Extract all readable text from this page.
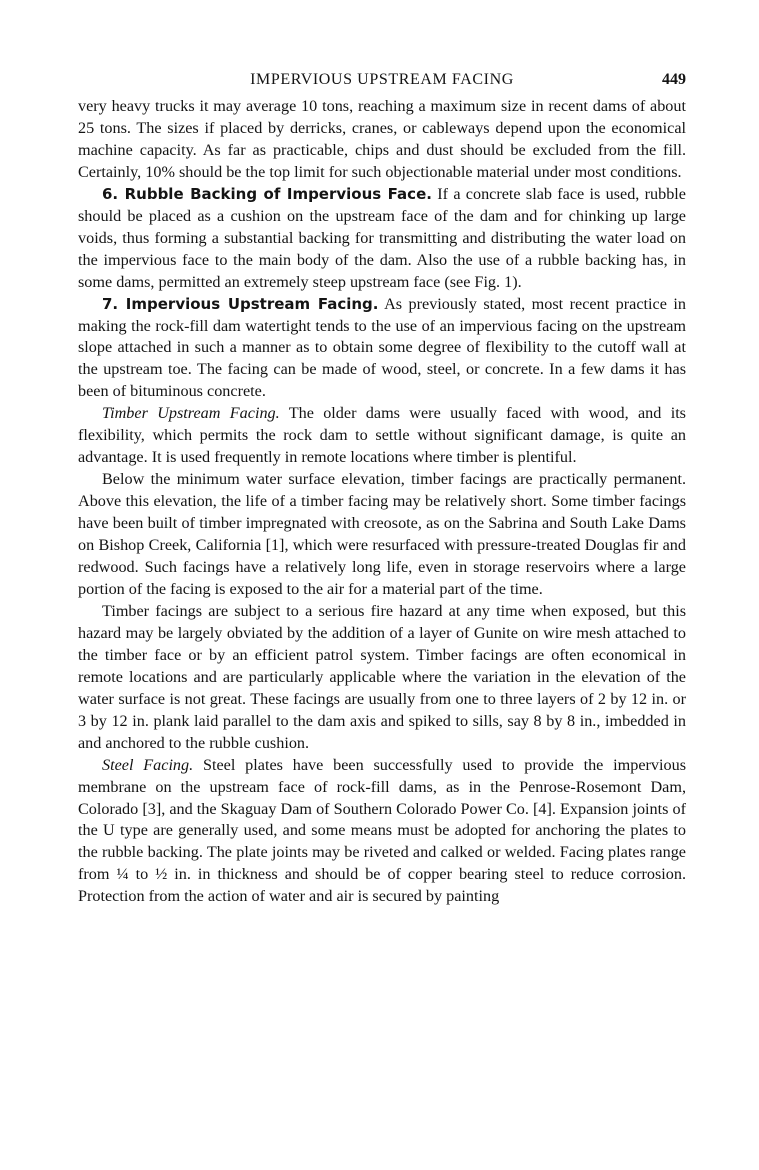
IMPERVIOUS UPSTREAM FACING	449

very heavy trucks it may average 10 tons, reaching a maximum size in recent dams of about 25 tons. The sizes if placed by derricks, cranes, or cableways depend upon the economical machine capacity. As far as practicable, chips and dust should be excluded from the fill. Certainly, 10% should be the top limit for such objectionable material under most conditions.

6. Rubble Backing of Impervious Face. If a concrete slab face is used, rubble should be placed as a cushion on the upstream face of the dam and for chinking up large voids, thus forming a substantial backing for transmitting and distributing the water load on the impervious face to the main body of the dam. Also the use of a rubble backing has, in some dams, permitted an extremely steep upstream face (see Fig. 1).

7. Impervious Upstream Facing. As previously stated, most recent practice in making the rock-fill dam watertight tends to the use of an impervious facing on the upstream slope attached in such a manner as to obtain some degree of flexibility to the cutoff wall at the upstream toe. The facing can be made of wood, steel, or concrete. In a few dams it has been of bituminous concrete.

Timber Upstream Facing. The older dams were usually faced with wood, and its flexibility, which permits the rock dam to settle without significant damage, is quite an advantage. It is used frequently in remote locations where timber is plentiful.

Below the minimum water surface elevation, timber facings are practically permanent. Above this elevation, the life of a timber facing may be relatively short. Some timber facings have been built of timber impregnated with creosote, as on the Sabrina and South Lake Dams on Bishop Creek, California [1], which were resurfaced with pressure-treated Douglas fir and redwood. Such facings have a relatively long life, even in storage reservoirs where a large portion of the facing is exposed to the air for a material part of the time.

Timber facings are subject to a serious fire hazard at any time when exposed, but this hazard may be largely obviated by the addition of a layer of Gunite on wire mesh attached to the timber face or by an efficient patrol system. Timber facings are often economical in remote locations and are particularly applicable where the variation in the elevation of the water surface is not great. These facings are usually from one to three layers of 2 by 12 in. or 3 by 12 in. plank laid parallel to the dam axis and spiked to sills, say 8 by 8 in., imbedded in and anchored to the rubble cushion.

Steel Facing. Steel plates have been successfully used to provide the impervious membrane on the upstream face of rock-fill dams, as in the Penrose-Rosemont Dam, Colorado [3], and the Skaguay Dam of Southern Colorado Power Co. [4]. Expansion joints of the U type are generally used, and some means must be adopted for anchoring the plates to the rubble backing. The plate joints may be riveted and calked or welded. Facing plates range from ¼ to ½ in. in thickness and should be of copper bearing steel to reduce corrosion. Protection from the action of water and air is secured by painting
